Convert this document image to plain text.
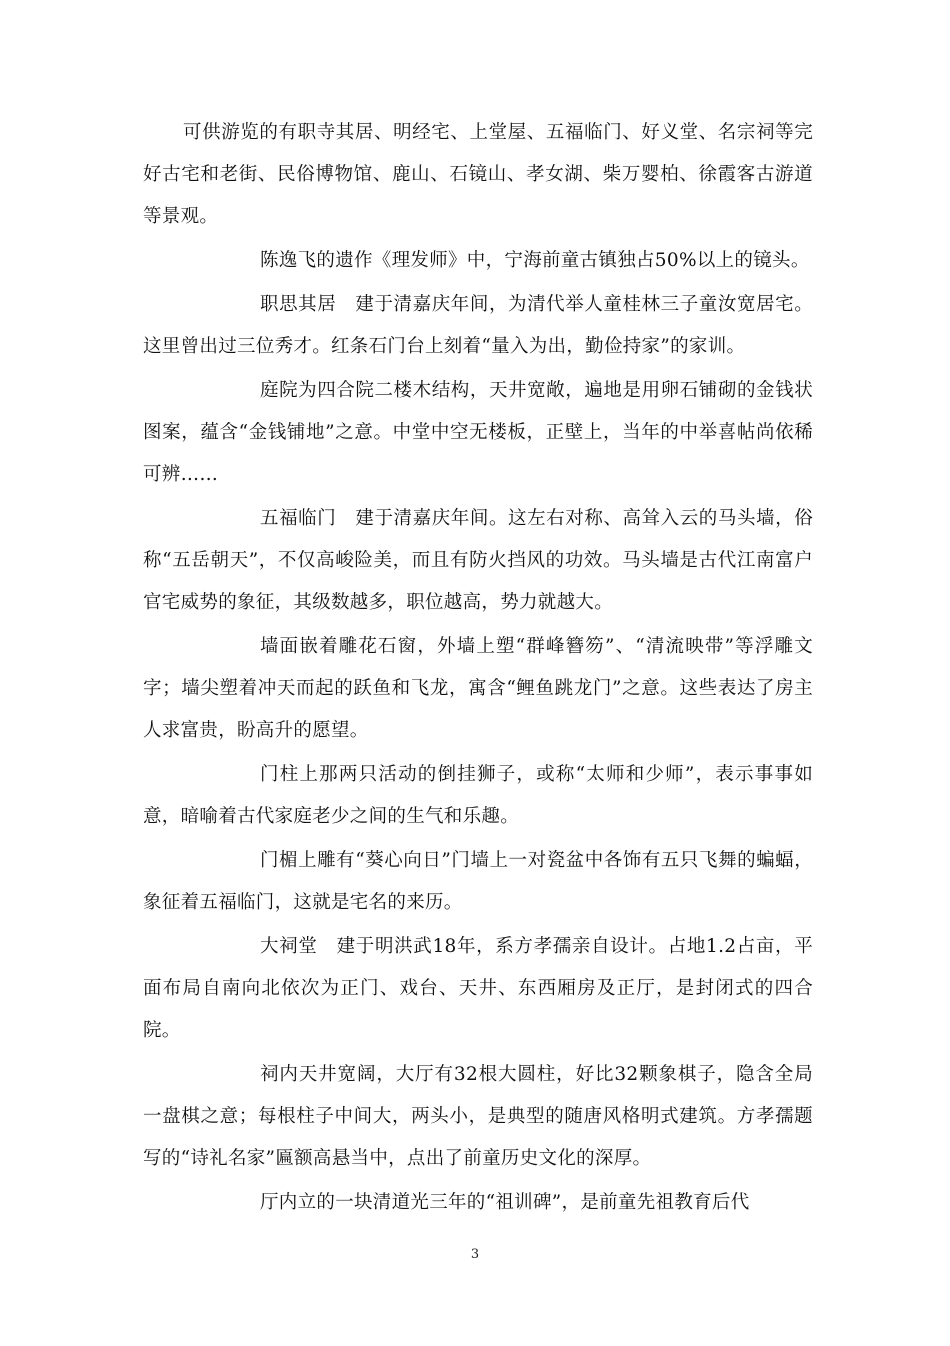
可供游览的有职寺其居、明经宅、上堂屋、五福临门、好义堂、名宗祠等完好古宅和老街、民俗博物馆、鹿山、石镜山、孝女湖、柴万婴柏、徐霞客古游道等景观。

陈逸飞的遗作《理发师》中，宁海前童古镇独占50%以上的镜头。

职思其居　建于清嘉庆年间，为清代举人童桂林三子童汝宽居宅。这里曾出过三位秀才。红条石门台上刻着“量入为出，勤俭持家”的家训。

庭院为四合院二楼木结构，天井宽敞，遍地是用卵石铺砌的金钱状图案，蕴含“金钱铺地”之意。中堂中空无楼板，正壁上，当年的中举喜帖尚依稀可辨……

五福临门　建于清嘉庆年间。这左右对称、高耸入云的马头墙，俗称“五岳朝天”，不仅高峻险美，而且有防火挡风的功效。马头墙是古代江南富户官宅威势的象征，其级数越多，职位越高，势力就越大。

墙面嵌着雕花石窗，外墙上塑“群峰簪笏”、“清流映带”等浮雕文字；墙尖塑着冲天而起的跃鱼和飞龙，寓含“鲤鱼跳龙门”之意。这些表达了房主人求富贵，盼高升的愿望。

门柱上那两只活动的倒挂狮子，或称“太师和少师”，表示事事如意，暗喻着古代家庭老少之间的生气和乐趣。

门楣上雕有“葵心向日”门墙上一对瓷盆中各饰有五只飞舞的蝙蝠，象征着五福临门，这就是宅名的来历。

大祠堂　建于明洪武18年，系方孝孺亲自设计。占地1.2占亩，平面布局自南向北依次为正门、戏台、天井、东西厢房及正厅，是封闭式的四合院。

祠内天井宽阔，大厅有32根大圆柱，好比32颗象棋子，隐含全局一盘棋之意；每根柱子中间大，两头小，是典型的随唐风格明式建筑。方孝孺题写的“诗礼名家”匾额高悬当中，点出了前童历史文化的深厚。

厅内立的一块清道光三年的“祖训碑”，是前童先祖教育后代

3
